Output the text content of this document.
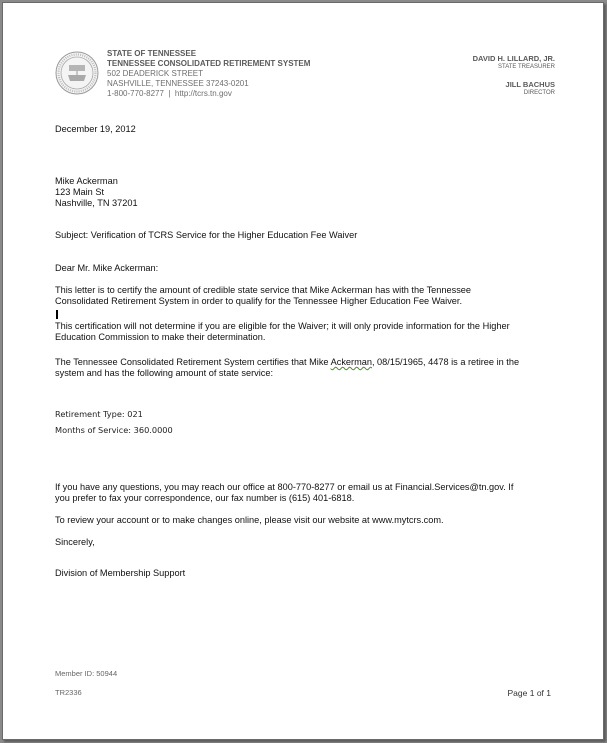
STATE OF TENNESSEE
TENNESSEE CONSOLIDATED RETIREMENT SYSTEM
502 DEADERICK STREET
NASHVILLE, TENNESSEE 37243-0201
1-800-770-8277 | http://tcrs.tn.gov
DAVID H. LILLARD, JR.
STATE TREASURER
JILL BACHUS
DIRECTOR
December 19, 2012
Mike Ackerman
123 Main St
Nashville, TN 37201
Subject: Verification of TCRS Service for the Higher Education Fee Waiver
Dear Mr. Mike Ackerman:
This letter is to certify the amount of credible state service that Mike Ackerman has with the Tennessee
Consolidated Retirement System in order to qualify for the Tennessee Higher Education Fee Waiver.
This certification will not determine if you are eligible for the Waiver; it will only provide information for the Higher
Education Commission to make their determination.
The Tennessee Consolidated Retirement System certifies that Mike Ackerman, 08/15/1965, 4478 is a retiree in the
system and has the following amount of state service:
Retirement Type: 021
Months of Service: 360.0000
If you have any questions, you may reach our office at 800-770-8277 or email us at Financial.Services@tn.gov. If
you prefer to fax your correspondence, our fax number is (615) 401-6818.
To review your account or to make changes online, please visit our website at www.mytcrs.com.
Sincerely,
Division of Membership Support
Member ID: 50944
TR2336	Page 1 of 1
